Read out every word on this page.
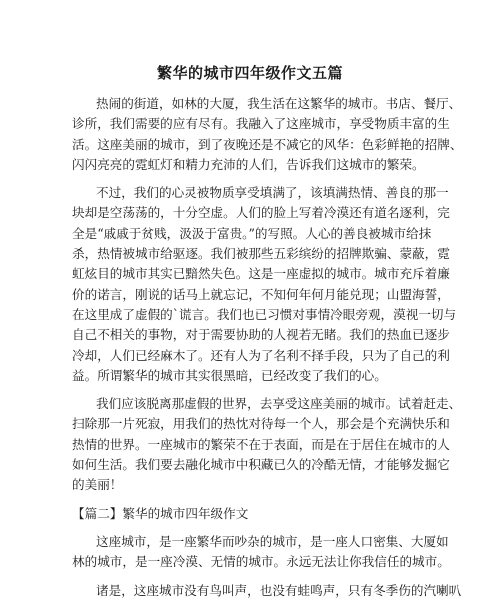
繁华的城市四年级作文五篇

热闹的街道，如林的大厦，我生活在这繁华的城市。书店、餐厅、
诊所，我们需要的应有尽有。我融入了这座城市，享受物质丰富的生
活。这座美丽的城市，到了夜晚还是不减它的风华：色彩鲜艳的招牌、
闪闪亮亮的霓虹灯和精力充沛的人们，告诉我们这城市的繁荣。

不过，我们的心灵被物质享受填满了，该填满热情、善良的那一
块却是空荡荡的，十分空虚。人们的脸上写着冷漠还有道名逐利，完
全是“戚戚于贫贱，汲汲于富贵。”的写照。人心的善良被城市给抹
杀，热情被城市给驱逐。我们被那些五彩缤纷的招牌欺骗、蒙蔽，霓
虹炫目的城市其实已黯然失色。这是一座虚拟的城市。城市充斥着廉
价的诺言，刚说的话马上就忘记，不知何年何月能兑现；山盟海誓，
在这里成了虚假的`谎言。我们也已习惯对事情冷眼旁观，漠视一切与
自己不相关的事物，对于需要协助的人视若无睹。我们的热血已逐步
冷却，人们已经麻木了。还有人为了名利不择手段，只为了自己的利
益。所谓繁华的城市其实很黑暗，已经改变了我们的心。

我们应该脱离那虚假的世界，去享受这座美丽的城市。试着赶走、
扫除那一片死寂，用我们的热忱对待每一个人，那会是个充满快乐和
热情的世界。一座城市的繁荣不在于表面，而是在于居住在城市的人
如何生活。我们要去融化城市中积藏已久的冷酷无情，才能够发掘它
的美丽！

【篇二】繁华的城市四年级作文

这座城市，是一座繁华而吵杂的城市，是一座人口密集、大厦如
林的城市，是一座冷漠、无情的城市。永远无法让你我信任的城市。

诸是，这座城市没有鸟叫声，也没有蛙鸣声，只有冬季伤的汽喇叭
